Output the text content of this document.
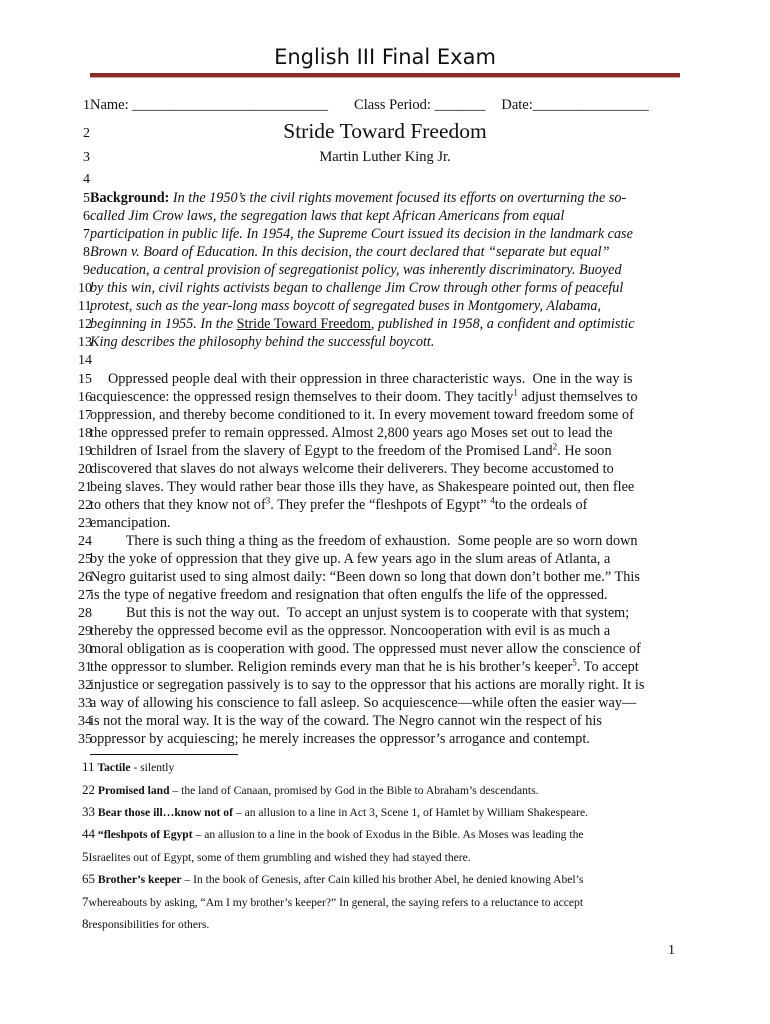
English III Final Exam
1Name: ___________________________ Class Period: _______ Date:________________
2	Stride Toward Freedom
3	Martin Luther King Jr.
4
5Background: In the 1950’s the civil rights movement focused its efforts on overturning the so-
6called Jim Crow laws, the segregation laws that kept African Americans from equal
7participation in public life. In 1954, the Supreme Court issued its decision in the landmark case
8Brown v. Board of Education. In this decision, the court declared that “separate but equal”
9education, a central provision of segregationist policy, was inherently discriminatory. Buoyed
10by this win, civil rights activists began to challenge Jim Crow through other forms of peaceful
11protest, such as the year-long mass boycott of segregated buses in Montgomery, Alabama,
12beginning in 1955. In the Stride Toward Freedom, published in 1958, a confident and optimistic
13King describes the philosophy behind the successful boycott.
14
15     Oppressed people deal with their oppression in three characteristic ways.  One in the way is
16acquiescence: the oppressed resign themselves to their doom. They tacitly$^1$ adjust themselves to
17oppression, and thereby become conditioned to it. In every movement toward freedom some of
18the oppressed prefer to remain oppressed. Almost 2,800 years ago Moses set out to lead the
19children of Israel from the slavery of Egypt to the freedom of the Promised Land$^2$. He soon
20discovered that slaves do not always welcome their deliverers. They become accustomed to
21being slaves. They would rather bear those ills they have, as Shakespeare pointed out, then flee
22to others that they know not $of^3$. They prefer the “fleshpots of Egypt” $^4$to the ordeals of
23emancipation.
24          There is such thing a thing as the freedom of exhaustion.  Some people are so worn down
25by the yoke of oppression that they give up. A few years ago in the slum areas of Atlanta, a
26Negro guitarist used to sing almost daily: “Been down so long that down don’t bother me.” This
27is the type of negative freedom and resignation that often engulfs the life of the oppressed.
28          But this is not the way out.  To accept an unjust system is to cooperate with that system;
29thereby the oppressed become evil as the oppressor. Noncooperation with evil is as much a
30moral obligation as is cooperation with good. The oppressed must never allow the conscience of
31the oppressor to slumber. Religion reminds every man that he is his brother’s keeper$^5$. To accept
32injustice or segregation passively is to say to the oppressor that his actions are morally right. It is
33a way of allowing his conscience to fall asleep. So acquiescence—while often the easier way—
34is not the moral way. It is the way of the coward. The Negro cannot win the respect of his
35oppressor by acquiescing; he merely increases the oppressor’s arrogance and contempt.
11 Tactile - silently
22 Promised land – the land of Canaan, promised by God in the Bible to Abraham’s descendants.
33 Bear those ill…know not of – an allusion to a line in Act 3, Scene 1, of Hamlet by William Shakespeare.
44 “fleshpots of Egypt – an allusion to a line in the book of Exodus in the Bible. As Moses was leading the
5Israelites out of Egypt, some of them grumbling and wished they had stayed there.
65 Brother’s keeper – In the book of Genesis, after Cain killed his brother Abel, he denied knowing Abel’s
7whereabouts by asking, “Am I my brother’s keeper?” In general, the saying refers to a reluctance to accept
8responsibilities for others.
1
